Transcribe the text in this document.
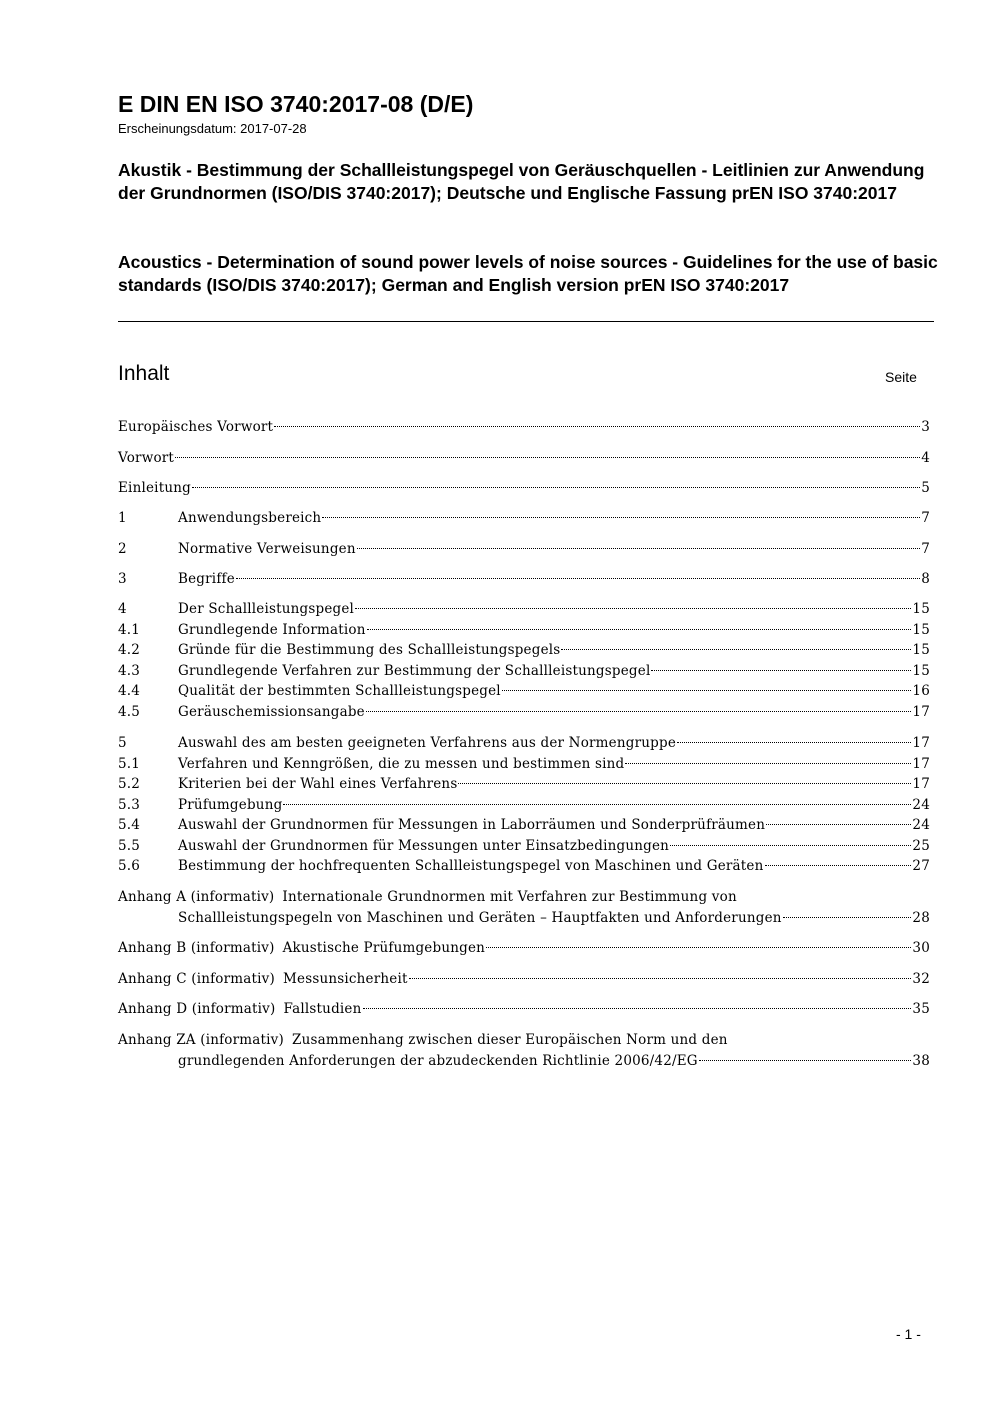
E DIN EN ISO 3740:2017-08 (D/E)
Erscheinungsdatum: 2017-07-28
Akustik - Bestimmung der Schallleistungspegel von Geräuschquellen - Leitlinien zur Anwendung der Grundnormen (ISO/DIS 3740:2017); Deutsche und Englische Fassung prEN ISO 3740:2017
Acoustics - Determination of sound power levels of noise sources - Guidelines for the use of basic standards (ISO/DIS 3740:2017); German and English version prEN ISO 3740:2017
Inhalt	Seite
Europäisches Vorwort	3
Vorwort	4
Einleitung	5
1	Anwendungsbereich	7
2	Normative Verweisungen	7
3	Begriffe	8
4	Der Schallleistungspegel	15
4.1	Grundlegende Information	15
4.2	Gründe für die Bestimmung des Schallleistungspegels	15
4.3	Grundlegende Verfahren zur Bestimmung der Schallleistungspegel	15
4.4	Qualität der bestimmten Schallleistungspegel	16
4.5	Geräuschemissionsangabe	17
5	Auswahl des am besten geeigneten Verfahrens aus der Normengruppe	17
5.1	Verfahren und Kenngrößen, die zu messen und bestimmen sind	17
5.2	Kriterien bei der Wahl eines Verfahrens	17
5.3	Prüfumgebung	24
5.4	Auswahl der Grundnormen für Messungen in Laborräumen und Sonderprüfräumen	24
5.5	Auswahl der Grundnormen für Messungen unter Einsatzbedingungen	25
5.6	Bestimmung der hochfrequenten Schallleistungspegel von Maschinen und Geräten	27
Anhang A (informativ) Internationale Grundnormen mit Verfahren zur Bestimmung von
Schallleistungspegeln von Maschinen und Geräten – Hauptfakten und Anforderungen	28
Anhang B (informativ) Akustische Prüfumgebungen	30
Anhang C (informativ) Messunsicherheit	32
Anhang D (informativ) Fallstudien	35
Anhang ZA (informativ) Zusammenhang zwischen dieser Europäischen Norm und den
grundlegenden Anforderungen der abzudeckenden Richtlinie 2006/42/EG	38
- 1 -
